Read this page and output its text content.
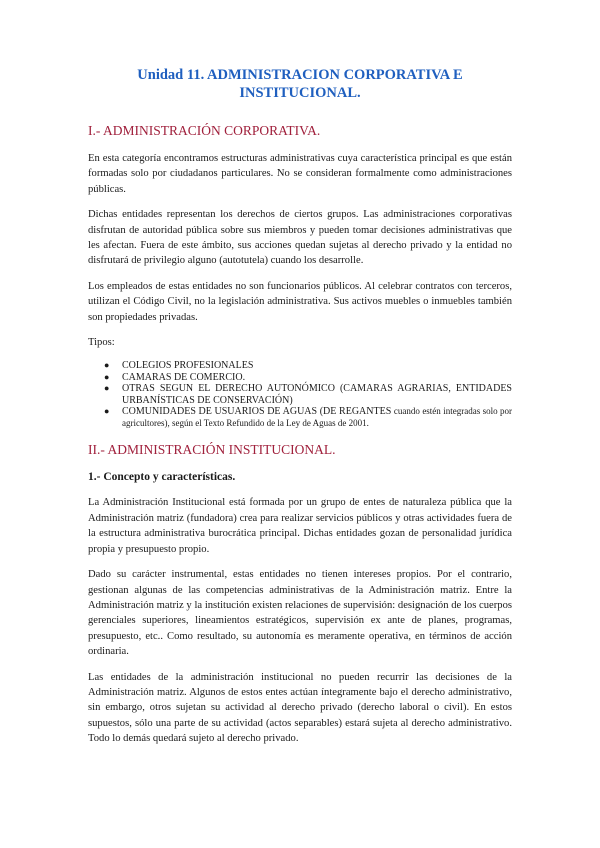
Unidad 11. ADMINISTRACION CORPORATIVA E INSTITUCIONAL.
I.- ADMINISTRACIÓN CORPORATIVA.

En esta categoría encontramos estructuras administrativas cuya característica principal es que están formadas solo por ciudadanos particulares. No se consideran formalmente como administraciones públicas.

Dichas entidades representan los derechos de ciertos grupos. Las administraciones corporativas disfrutan de autoridad pública sobre sus miembros y pueden tomar decisiones administrativas que les afectan. Fuera de este ámbito, sus acciones quedan sujetas al derecho privado y la entidad no disfrutará de privilegio alguno (autotutela) cuando los desarrolle.

Los empleados de estas entidades no son funcionarios públicos. Al celebrar contratos con terceros, utilizan el Código Civil, no la legislación administrativa. Sus activos muebles o inmuebles también son propiedades privadas.

Tipos:

● COLEGIOS PROFESIONALES
● CAMARAS DE COMERCIO.
● OTRAS SEGUN EL DERECHO AUTONÓMICO (CAMARAS AGRARIAS, ENTIDADES URBANÍSTICAS DE CONSERVACIÓN)
● COMUNIDADES DE USUARIOS DE AGUAS (DE REGANTES cuando estén integradas solo por agricultores), según el Texto Refundido de la Ley de Aguas de 2001.
II.- ADMINISTRACIÓN INSTITUCIONAL.
1.- Concepto y características.

La Administración Institucional está formada por un grupo de entes de naturaleza pública que la Administración matriz (fundadora) crea para realizar servicios públicos y otras actividades fuera de la estructura administrativa burocrática principal. Dichas entidades gozan de personalidad jurídica propia y presupuesto propio.

Dado su carácter instrumental, estas entidades no tienen intereses propios. Por el contrario, gestionan algunas de las competencias administrativas de la Administración matriz. Entre la Administración matriz y la institución existen relaciones de supervisión: designación de los cuerpos gerenciales superiores, lineamientos estratégicos, supervisión ex ante de planes, programas, presupuesto, etc.. Como resultado, su autonomía es meramente operativa, en términos de acción ordinaria.

Las entidades de la administración institucional no pueden recurrir las decisiones de la Administración matriz. Algunos de estos entes actúan íntegramente bajo el derecho administrativo, sin embargo, otros sujetan su actividad al derecho privado (derecho laboral o civil). En estos supuestos, sólo una parte de su actividad (actos separables) estará sujeta al derecho administrativo. Todo lo demás quedará sujeto al derecho privado.
